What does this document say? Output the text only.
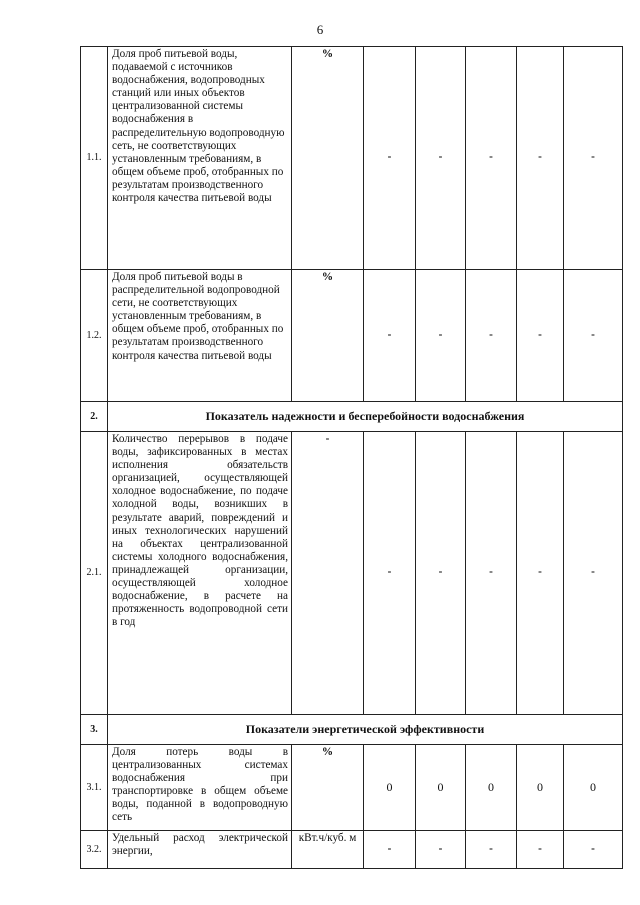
6
1.1.	Доля проб питьевой воды, подаваемой с источников водоснабжения, водопроводных станций или иных объектов централизованной системы водоснабжения в распределительную водопроводную сеть, не соответствующих установленным требованиям, в общем объеме проб, отобранных по результатам производственного контроля качества питьевой воды	%	-	-	-	-	-
1.2.	Доля проб питьевой воды в распределительной водопроводной сети, не соответствующих установленным требованиям, в общем объеме проб, отобранных по результатам производственного контроля качества питьевой воды	%	-	-	-	-	-
2.	Показатель надежности и бесперебойности водоснабжения						
2.1.	Количество перерывов в подаче воды, зафиксированных в местах исполнения обязательств организацией, осуществляющей холодное водоснабжение, по подаче холодной воды, возникших в результате аварий, повреждений и иных технологических нарушений на объектах централизованной системы холодного водоснабжения, принадлежащей организации, осуществляющей холодное водоснабжение, в расчете на протяженность водопроводной сети в год	-	-	-	-	-	-
3.	Показатели энергетической эффективности						
3.1.	Доля потерь воды в централизованных системах водоснабжения при транспортировке в общем объеме воды, поданной в водопроводную сеть	%	0	0	0	0	0
3.2.	Удельный расход электрической энергии,	кВт.ч/куб. м	-	-	-	-	-
